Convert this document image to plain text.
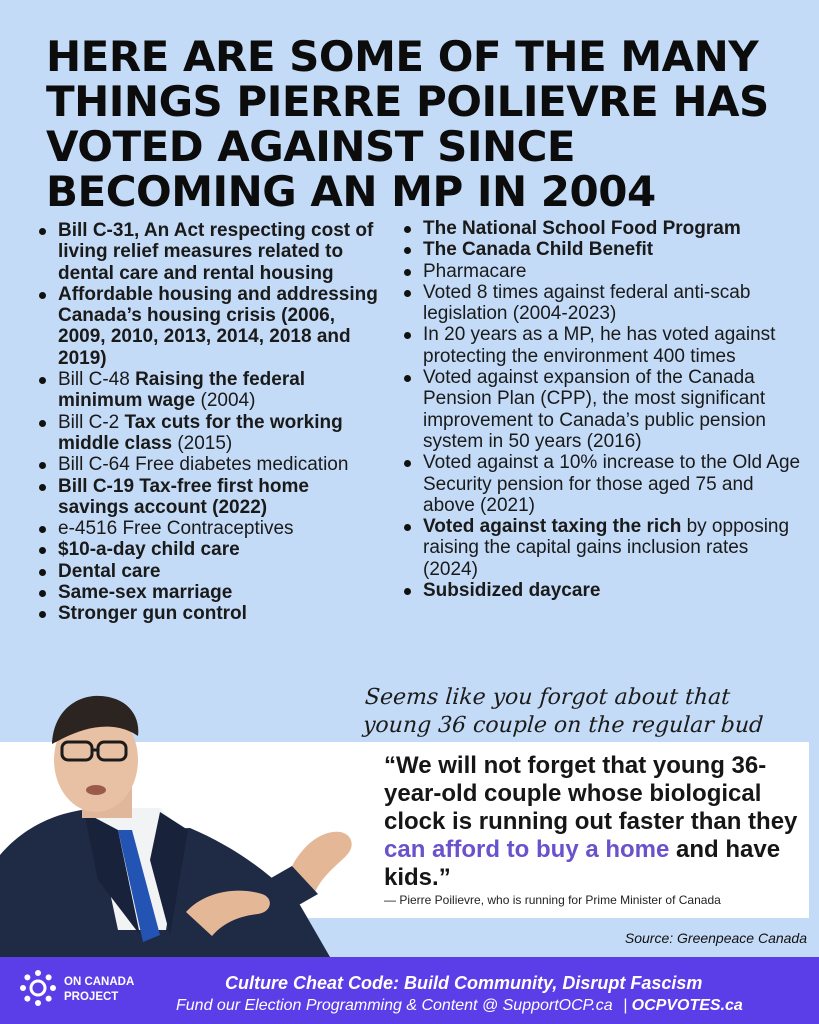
HERE ARE SOME OF THE MANY THINGS PIERRE POILIEVRE HAS VOTED AGAINST SINCE BECOMING AN MP IN 2004
Bill C-31, An Act respecting cost of living relief measures related to dental care and rental housing
Affordable housing and addressing Canada’s housing crisis (2006, 2009, 2010, 2013, 2014, 2018 and 2019)
Bill C-48 Raising the federal minimum wage (2004)
Bill C-2 Tax cuts for the working middle class (2015)
Bill C-64 Free diabetes medication
Bill C-19 Tax-free first home savings account (2022)
e-4516 Free Contraceptives
$10-a-day child care
Dental care
Same-sex marriage
Stronger gun control
The National School Food Program
The Canada Child Benefit
Pharmacare
Voted 8 times against federal anti-scab legislation (2004-2023)
In 20 years as a MP, he has voted against protecting the environment 400 times
Voted against expansion of the Canada Pension Plan (CPP), the most significant improvement to Canada’s public pension system in 50 years (2016)
Voted against a 10% increase to the Old Age Security pension for those aged 75 and above (2021)
Voted against taxing the rich by opposing raising the capital gains inclusion rates (2024)
Subsidized daycare

Seems like you forgot about that young 36 couple on the regular bud

“We will not forget that young 36-year-old couple whose biological clock is running out faster than they can afford to buy a home and have kids.”

— Pierre Poilievre, who is running for Prime Minister of Canada

Source: Greenpeace Canada

ON CANADA
PROJECT

Culture Cheat Code: Build Community, Disrupt Fascism

Fund our Election Programming & Content @ SupportOCP.ca | OCPVOTES.ca
